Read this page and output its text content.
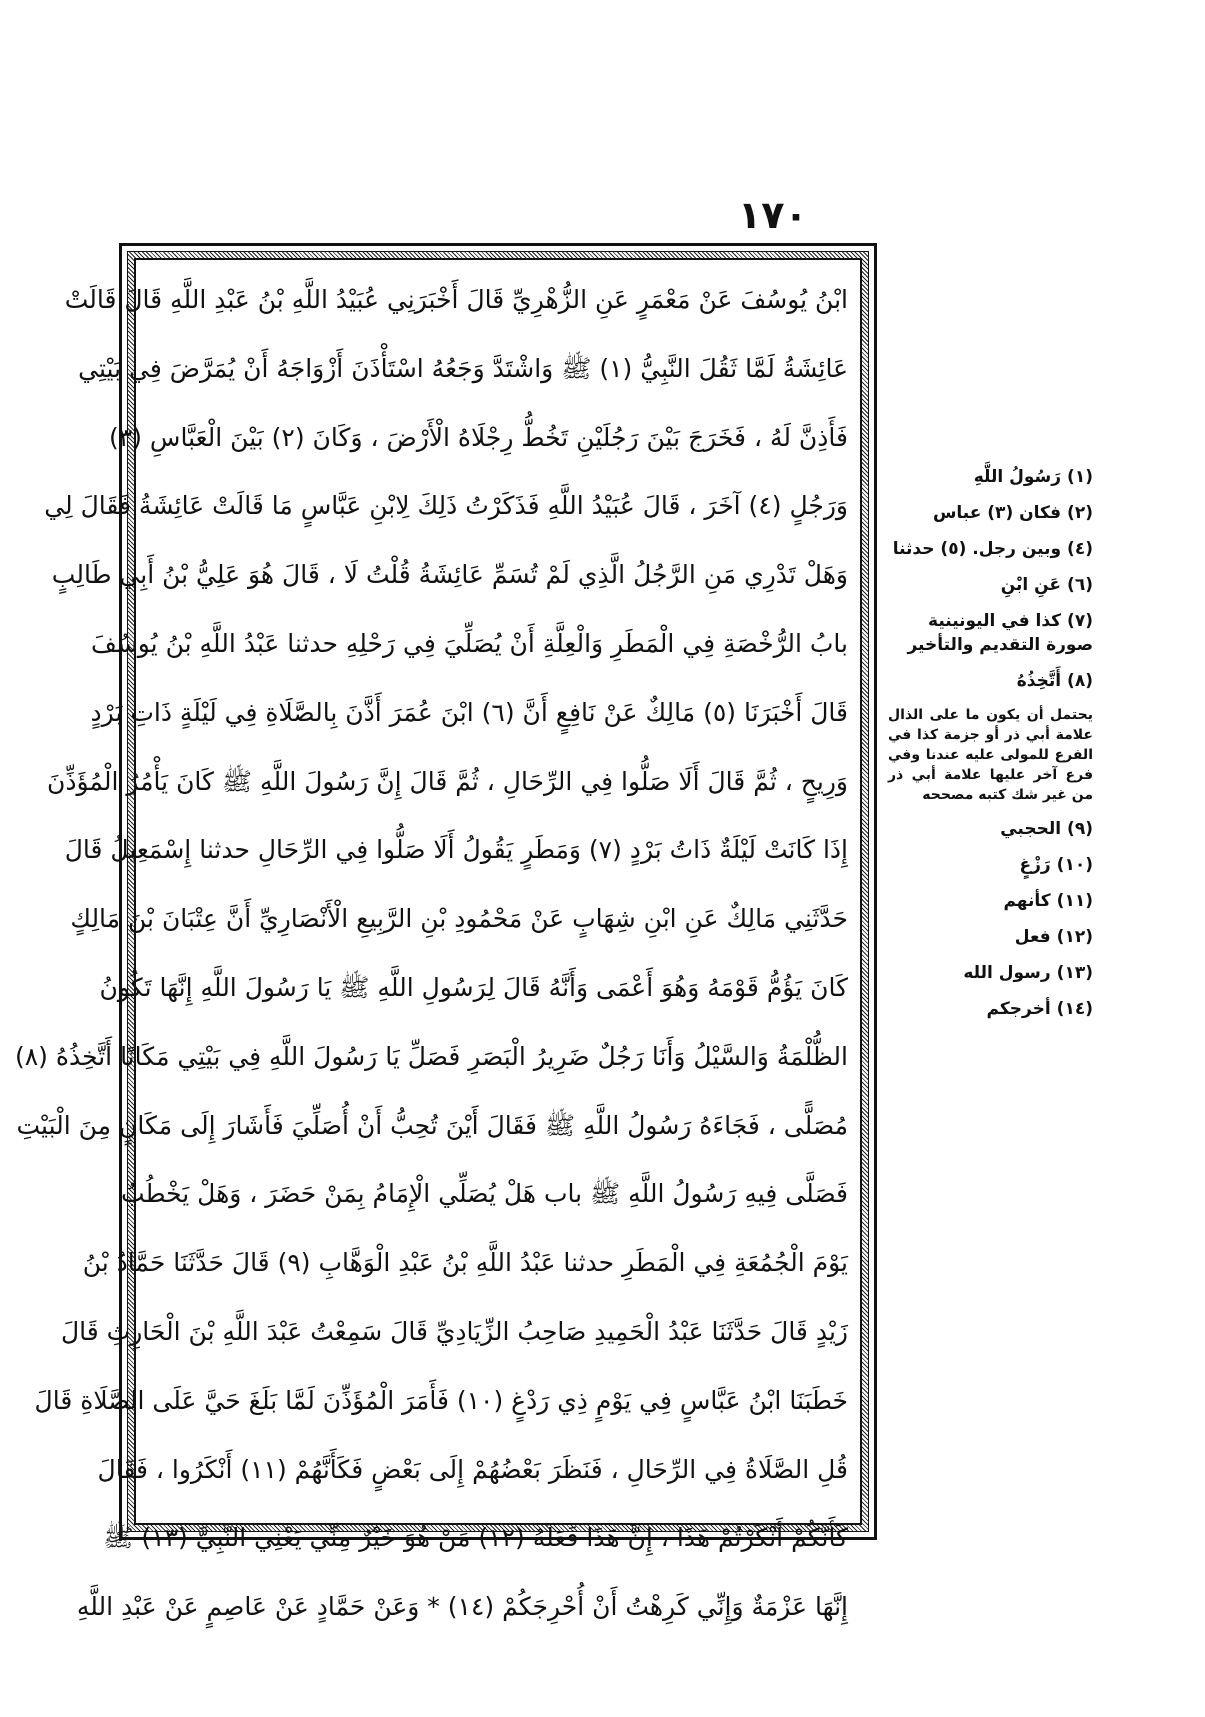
١٧٠
ابْنُ يُوسُفَ عَنْ مَعْمَرٍ عَنِ الزُّهْرِيِّ قَالَ أَخْبَرَنِي عُبَيْدُ اللَّهِ بْنُ عَبْدِ اللَّهِ قَالَ قَالَتْ
عَائِشَةُ لَمَّا ثَقُلَ النَّبِيُّ (١) ﷺ وَاشْتَدَّ وَجَعُهُ اسْتَأْذَنَ أَزْوَاجَهُ أَنْ يُمَرَّضَ فِي بَيْتِي
فَأَذِنَّ لَهُ ، فَخَرَجَ بَيْنَ رَجُلَيْنِ تَخُطُّ رِجْلَاهُ الْأَرْضَ ، وَكَانَ (٢) بَيْنَ الْعَبَّاسِ (٣)
وَرَجُلٍ (٤) آخَرَ ، قَالَ عُبَيْدُ اللَّهِ فَذَكَرْتُ ذَلِكَ لِابْنِ عَبَّاسٍ مَا قَالَتْ عَائِشَةُ فَقَالَ لِي
وَهَلْ تَدْرِي مَنِ الرَّجُلُ الَّذِي لَمْ تُسَمِّ عَائِشَةُ قُلْتُ لَا ، قَالَ هُوَ عَلِيُّ بْنُ أَبِي طَالِبٍ
بابُ الرُّخْصَةِ فِي الْمَطَرِ وَالْعِلَّةِ أَنْ يُصَلِّيَ فِي رَحْلِهِ حدثنا عَبْدُ اللَّهِ بْنُ يُوسُفَ
قَالَ أَخْبَرَنَا (٥) مَالِكٌ عَنْ نَافِعٍ أَنَّ (٦) ابْنَ عُمَرَ أَذَّنَ بِالصَّلَاةِ فِي لَيْلَةٍ ذَاتِ بَرْدٍ
وَرِيحٍ ، ثُمَّ قَالَ أَلَا صَلُّوا فِي الرِّحَالِ ، ثُمَّ قَالَ إِنَّ رَسُولَ اللَّهِ ﷺ كَانَ يَأْمُرُ الْمُؤَذِّنَ
إِذَا كَانَتْ لَيْلَةٌ ذَاتُ بَرْدٍ (٧) وَمَطَرٍ يَقُولُ أَلَا صَلُّوا فِي الرِّحَالِ حدثنا إِسْمَعِيلُ قَالَ
حَدَّثَنِي مَالِكٌ عَنِ ابْنِ شِهَابٍ عَنْ مَحْمُودِ بْنِ الرَّبِيعِ الْأَنْصَارِيِّ أَنَّ عِتْبَانَ بْنَ مَالِكٍ
كَانَ يَؤُمُّ قَوْمَهُ وَهُوَ أَعْمَى وَأَنَّهُ قَالَ لِرَسُولِ اللَّهِ ﷺ يَا رَسُولَ اللَّهِ إِنَّهَا تَكُونُ
الظُّلْمَةُ وَالسَّيْلُ وَأَنَا رَجُلٌ ضَرِيرُ الْبَصَرِ فَصَلِّ يَا رَسُولَ اللَّهِ فِي بَيْتِي مَكَانًا أَتَّخِذُهُ (٨)
مُصَلًّى ، فَجَاءَهُ رَسُولُ اللَّهِ ﷺ فَقَالَ أَيْنَ تُحِبُّ أَنْ أُصَلِّيَ فَأَشَارَ إِلَى مَكَانٍ مِنَ الْبَيْتِ
فَصَلَّى فِيهِ رَسُولُ اللَّهِ ﷺ باب هَلْ يُصَلِّي الْإِمَامُ بِمَنْ حَضَرَ ، وَهَلْ يَخْطُبُ
يَوْمَ الْجُمُعَةِ فِي الْمَطَرِ حدثنا عَبْدُ اللَّهِ بْنُ عَبْدِ الْوَهَّابِ (٩) قَالَ حَدَّثَنَا حَمَّادُ بْنُ
زَيْدٍ قَالَ حَدَّثَنَا عَبْدُ الْحَمِيدِ صَاحِبُ الزِّيَادِيِّ قَالَ سَمِعْتُ عَبْدَ اللَّهِ بْنَ الْحَارِثِ قَالَ
خَطَبَنَا ابْنُ عَبَّاسٍ فِي يَوْمٍ ذِي رَدْغٍ (١٠) فَأَمَرَ الْمُؤَذِّنَ لَمَّا بَلَغَ حَيَّ عَلَى الصَّلَاةِ قَالَ
قُلِ الصَّلَاةُ فِي الرِّحَالِ ، فَنَظَرَ بَعْضُهُمْ إِلَى بَعْضٍ فَكَأَنَّهُمْ (١١) أَنْكَرُوا ، فَقَالَ
كَأَنَّكُمْ أَنْكَرْتُمْ هَذَا ، إِنَّ هَذَا فَعَلَهُ (١٢) مَنْ هُوَ خَيْرٌ مِنِّي يَعْنِي النَّبِيَّ (١٣) ﷺ
إِنَّهَا عَزْمَةٌ وَإِنِّي كَرِهْتُ أَنْ أُحْرِجَكُمْ (١٤) * وَعَنْ حَمَّادٍ عَنْ عَاصِمٍ عَنْ عَبْدِ اللَّهِ
(١)رَسُولُ اللَّهِ
(٢)فكان (٣) عباس
(٤)وبين رجل. (٥) حدثنا
(٦)عَنِ ابْنِ
(٧)كذا في اليونينية صورة التقديم والتأخير
(٨)أَتَّخِذُهُ
يحتمل أن يكون ما على الذال علامة أبي ذر أو جزمة كذا في الفرع للمولى عليه عندنا وفي فرع آخر عليها علامة أبي ذر من غير شك كتبه مصححه
(٩)الحجبي
(١٠)رَزْغٍ
(١١)كأنهم
(١٢)فعل
(١٣)رسول الله
(١٤)أخرجكم
